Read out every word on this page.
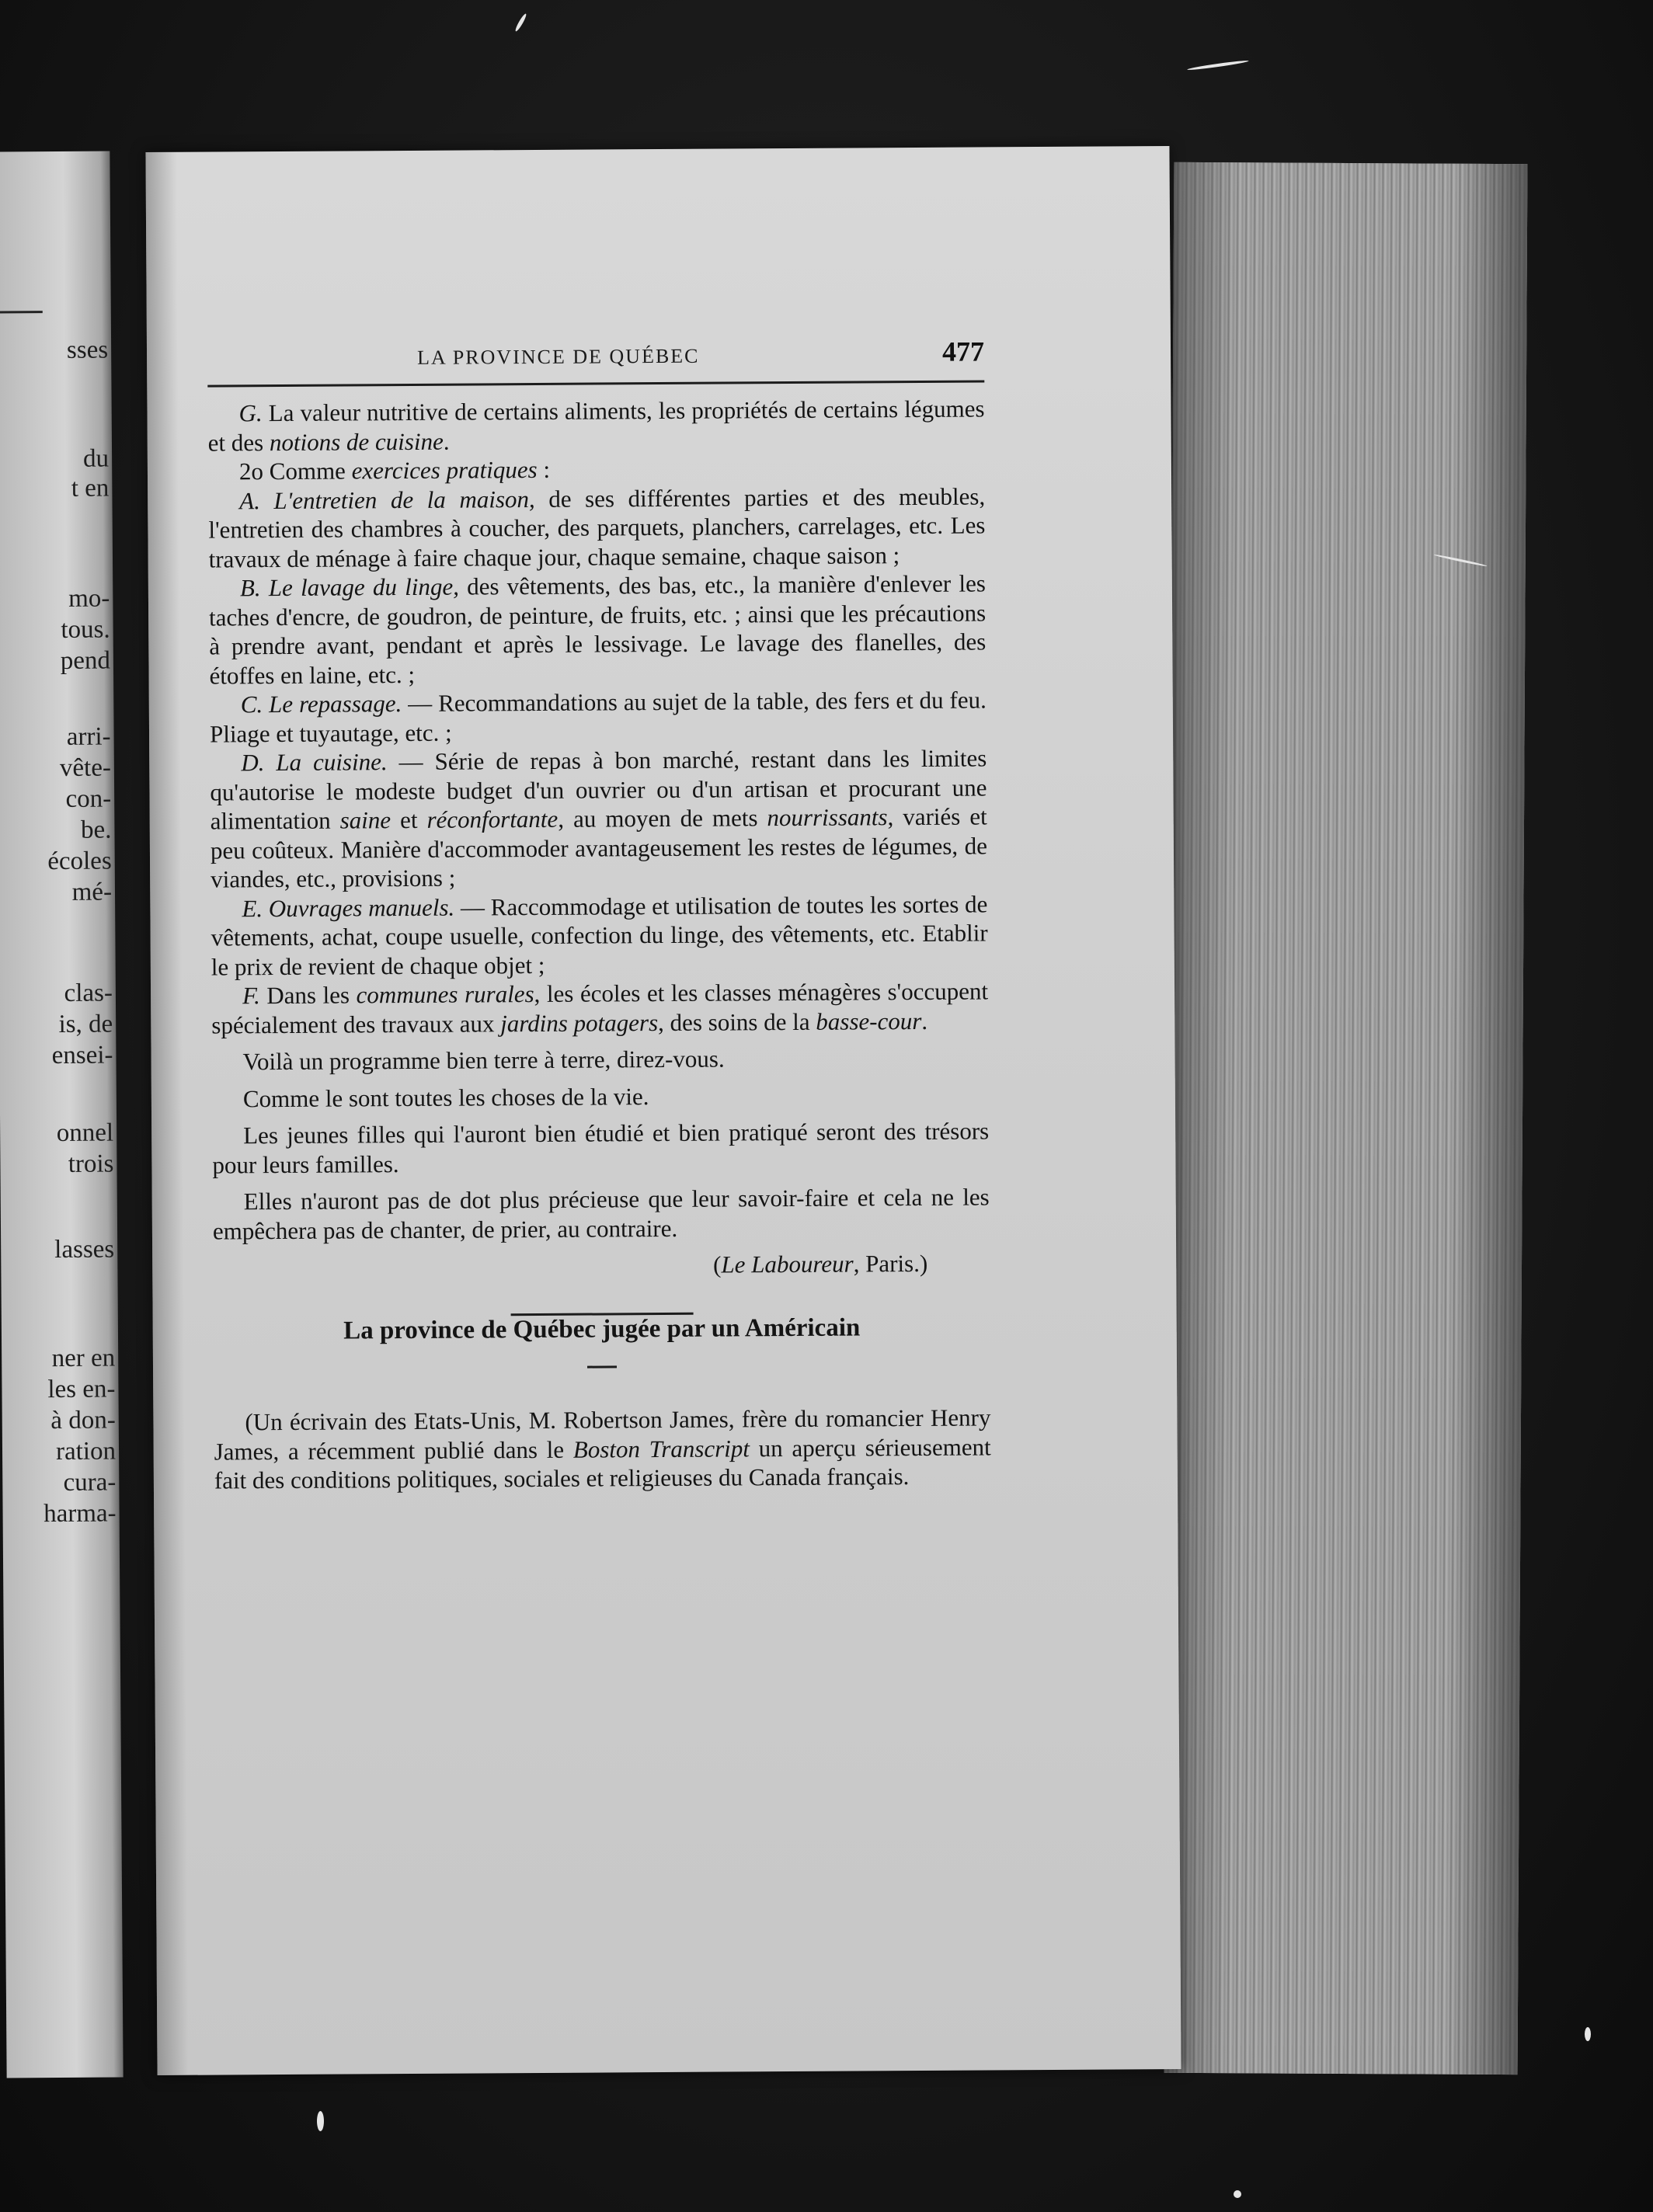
sses
du
t en
mo-
tous.
pend
arri-
vête-
con-
be.
écoles
mé-
clas-
is, de
ensei-
onnel
trois
lasses
ner en
les en-
à don-
ration
cura-
harma-
LA PROVINCE DE QUÉBEC	477

G. La valeur nutritive de certains aliments, les propriétés de certains légumes et des notions de cuisine.

2o Comme exercices pratiques :

A. L'entretien de la maison, de ses différentes parties et des meubles, l'entretien des chambres à coucher, des parquets, planchers, carrelages, etc. Les travaux de ménage à faire chaque jour, chaque semaine, chaque saison ;

B. Le lavage du linge, des vêtements, des bas, etc., la manière d'enlever les taches d'encre, de goudron, de peinture, de fruits, etc. ; ainsi que les précautions à prendre avant, pendant et après le lessivage. Le lavage des flanelles, des étoffes en laine, etc. ;

C. Le repassage. — Recommandations au sujet de la table, des fers et du feu. Pliage et tuyautage, etc. ;

D. La cuisine. — Série de repas à bon marché, restant dans les limites qu'autorise le modeste budget d'un ouvrier ou d'un artisan et procurant une alimentation saine et réconfortante, au moyen de mets nourrissants, variés et peu coûteux. Manière d'accommoder avantageusement les restes de légumes, de viandes, etc., provisions ;

E. Ouvrages manuels. — Raccommodage et utilisation de toutes les sortes de vêtements, achat, coupe usuelle, confection du linge, des vêtements, etc. Etablir le prix de revient de chaque objet ;

F. Dans les communes rurales, les écoles et les classes ménagères s'occupent spécialement des travaux aux jardins potagers, des soins de la basse-cour.

Voilà un programme bien terre à terre, direz-vous.

Comme le sont toutes les choses de la vie.

Les jeunes filles qui l'auront bien étudié et bien pratiqué seront des trésors pour leurs familles.

Elles n'auront pas de dot plus précieuse que leur savoir-faire et cela ne les empêchera pas de chanter, de prier, au contraire.

(Le Laboureur, Paris.)

La province de Québec jugée par un Américain

(Un écrivain des Etats-Unis, M. Robertson James, frère du romancier Henry James, a récemment publié dans le Boston Transcript un aperçu sérieusement fait des conditions politiques, sociales et religieuses du Canada français.
